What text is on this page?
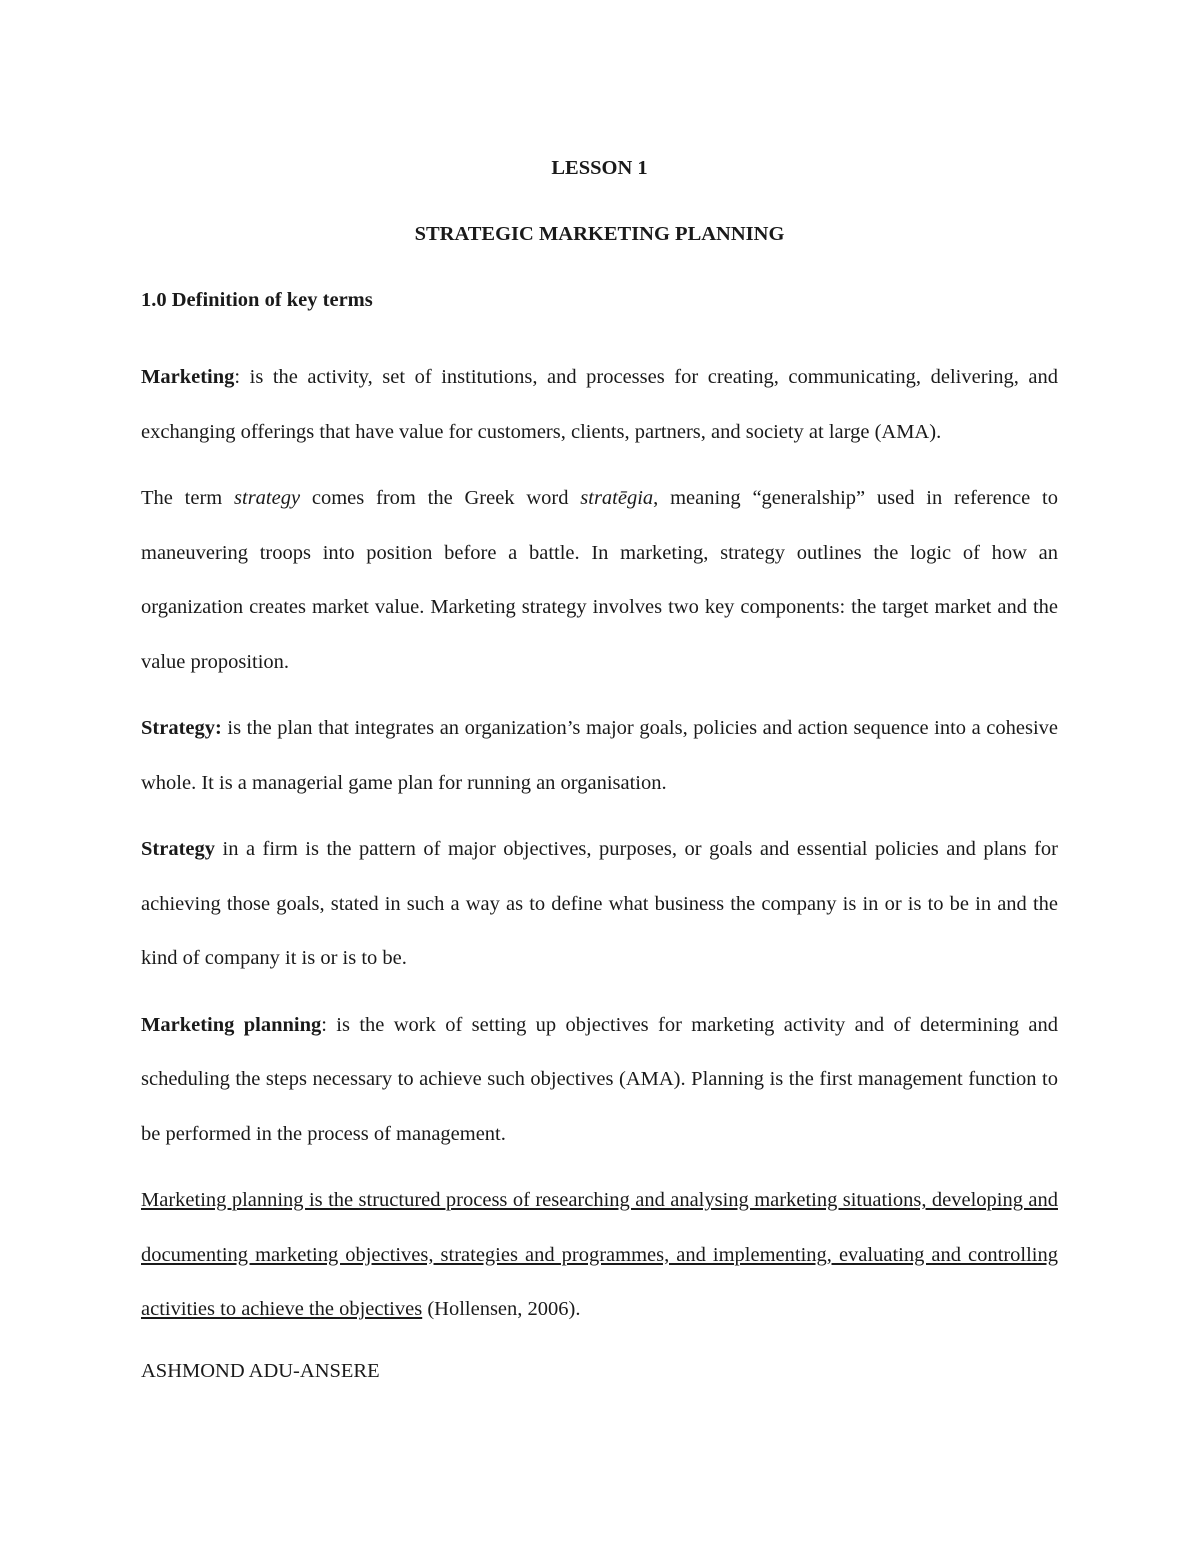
LESSON 1

STRATEGIC MARKETING PLANNING

1.0 Definition of key terms

Marketing: is the activity, set of institutions, and processes for creating, communicating, delivering, and exchanging offerings that have value for customers, clients, partners, and society at large (AMA).

The term strategy comes from the Greek word stratēgia, meaning “generalship” used in reference to maneuvering troops into position before a battle. In marketing, strategy outlines the logic of how an organization creates market value. Marketing strategy involves two key components: the target market and the value proposition.

Strategy: is the plan that integrates an organization’s major goals, policies and action sequence into a cohesive whole. It is a managerial game plan for running an organisation.

Strategy in a firm is the pattern of major objectives, purposes, or goals and essential policies and plans for achieving those goals, stated in such a way as to define what business the company is in or is to be in and the kind of company it is or is to be.

Marketing planning: is the work of setting up objectives for marketing activity and of determining and scheduling the steps necessary to achieve such objectives (AMA). Planning is the first management function to be performed in the process of management.

Marketing planning is the structured process of researching and analysing marketing situations, developing and documenting marketing objectives, strategies and programmes, and implementing, evaluating and controlling activities to achieve the objectives (Hollensen, 2006).

ASHMOND ADU-ANSERE
